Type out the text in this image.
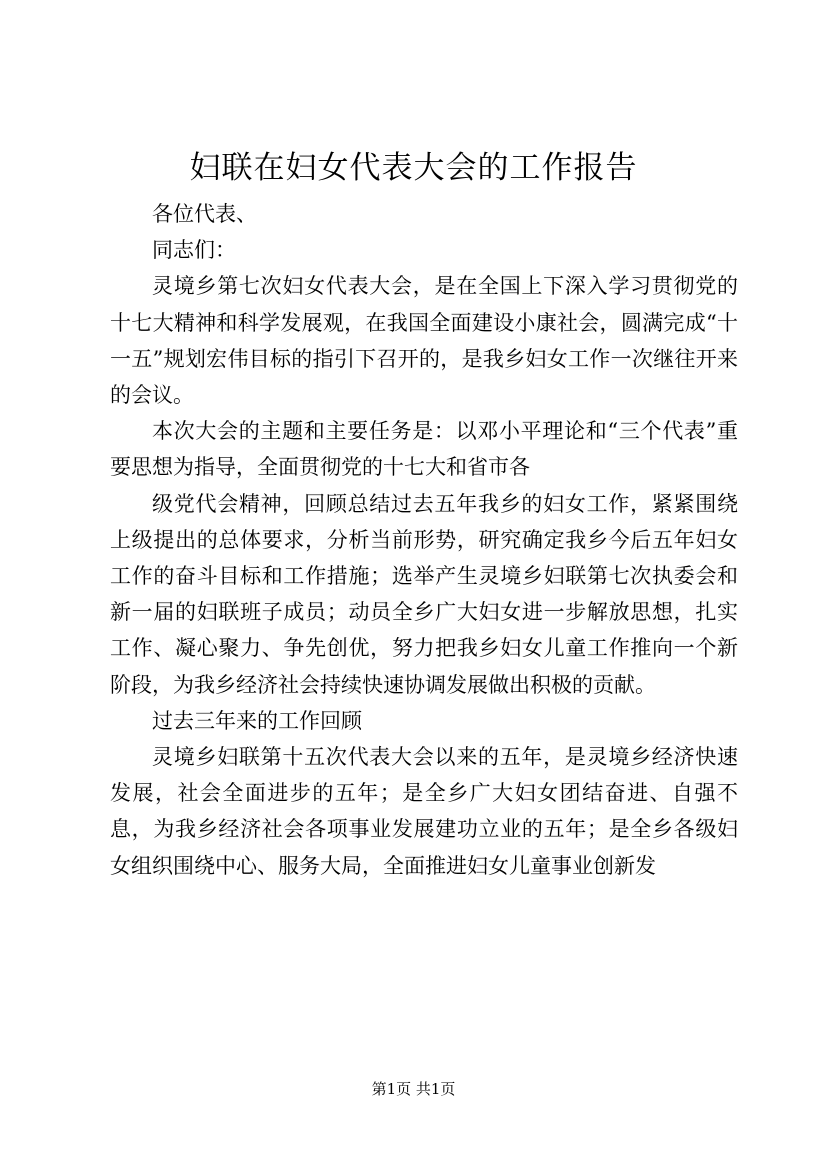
妇联在妇女代表大会的工作报告

各位代表、

同志们：

灵境乡第七次妇女代表大会，是在全国上下深入学习贯彻党的十七大精神和科学发展观，在我国全面建设小康社会，圆满完成“十一五”规划宏伟目标的指引下召开的，是我乡妇女工作一次继往开来的会议。

本次大会的主题和主要任务是：以邓小平理论和“三个代表”重要思想为指导，全面贯彻党的十七大和省市各

级党代会精神，回顾总结过去五年我乡的妇女工作，紧紧围绕上级提出的总体要求，分析当前形势，研究确定我乡今后五年妇女工作的奋斗目标和工作措施；选举产生灵境乡妇联第七次执委会和新一届的妇联班子成员；动员全乡广大妇女进一步解放思想，扎实工作、凝心聚力、争先创优，努力把我乡妇女儿童工作推向一个新阶段，为我乡经济社会持续快速协调发展做出积极的贡献。

过去三年来的工作回顾

灵境乡妇联第十五次代表大会以来的五年，是灵境乡经济快速发展，社会全面进步的五年；是全乡广大妇女团结奋进、自强不息，为我乡经济社会各项事业发展建功立业的五年；是全乡各级妇女组织围绕中心、服务大局，全面推进妇女儿童事业创新发

第1页 共1页
